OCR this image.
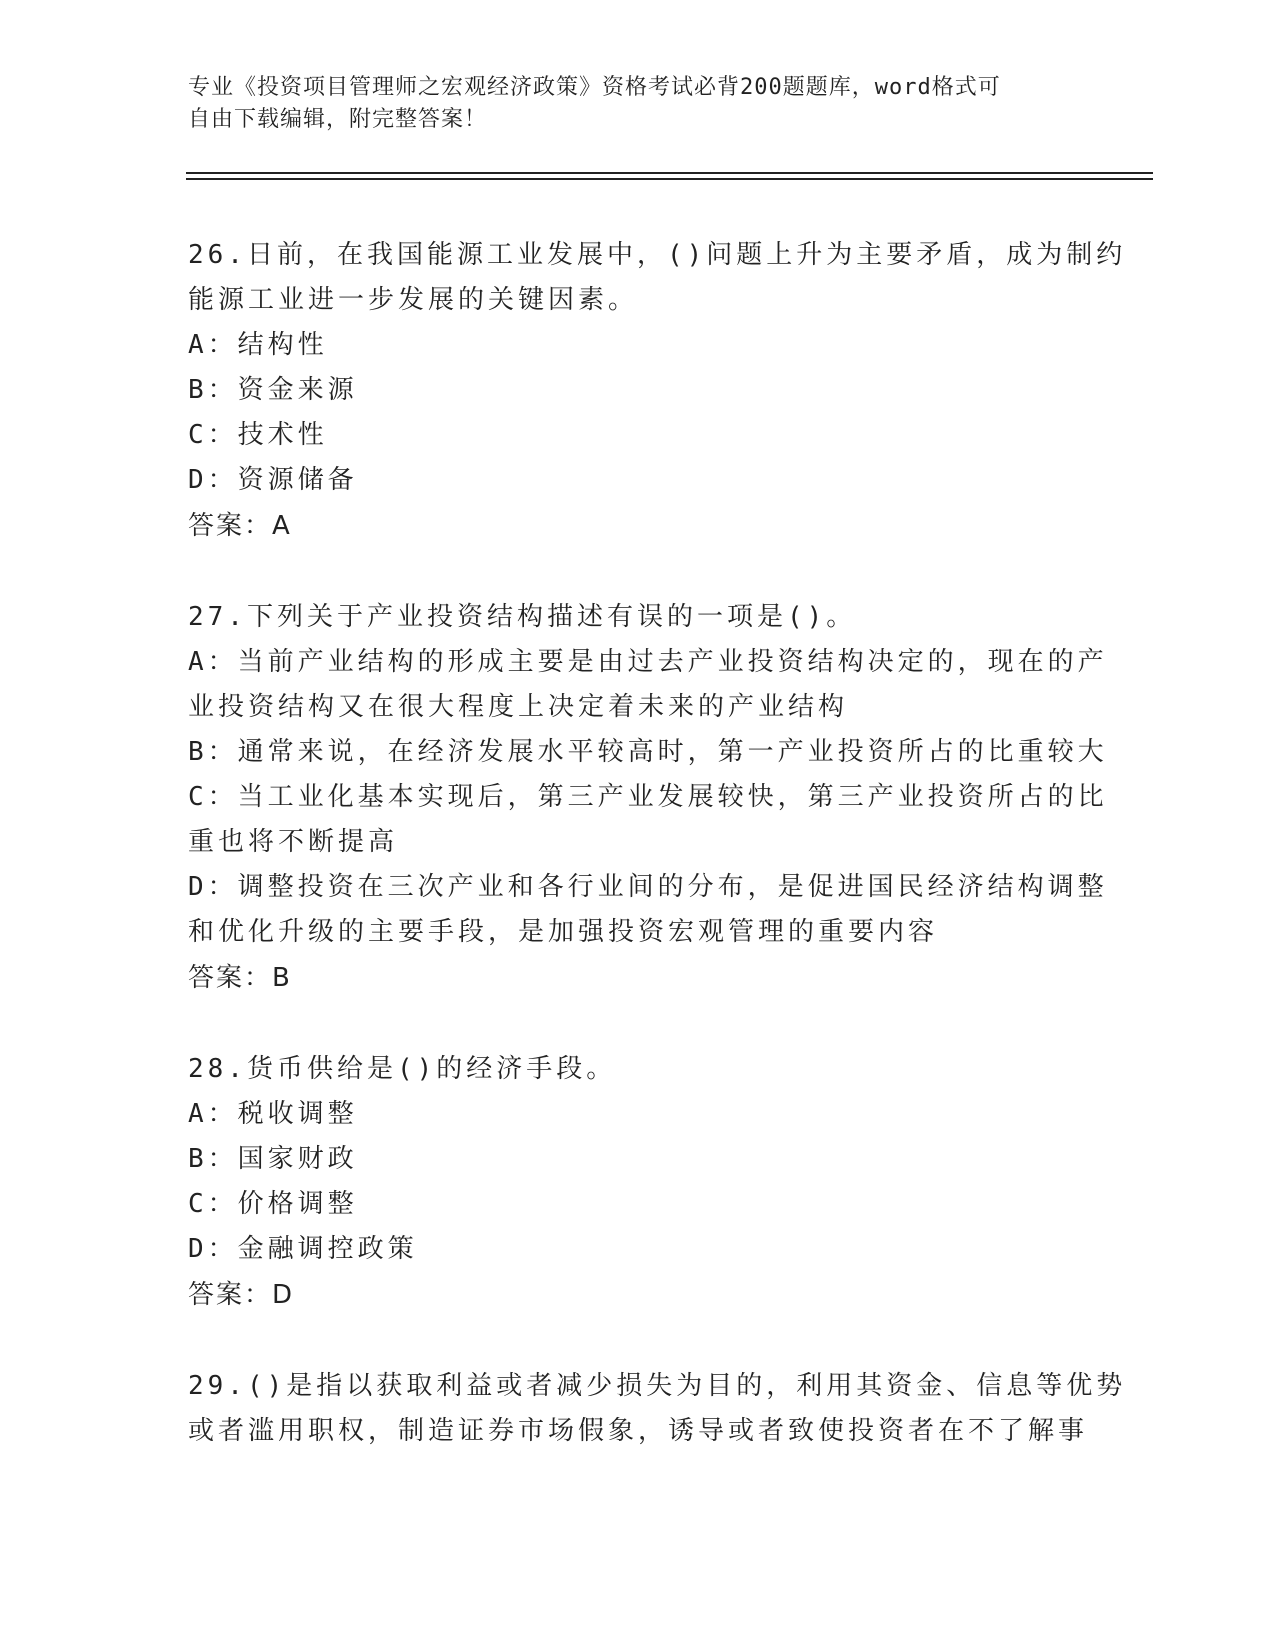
专业《投资项目管理师之宏观经济政策》资格考试必背200题题库，word格式可
自由下载编辑，附完整答案！
26.日前，在我国能源工业发展中，()问题上升为主要矛盾，成为制约
能源工业进一步发展的关键因素。
A：结构性
B：资金来源
C：技术性
D：资源储备
答案：A
27.下列关于产业投资结构描述有误的一项是()。
A：当前产业结构的形成主要是由过去产业投资结构决定的，现在的产
业投资结构又在很大程度上决定着未来的产业结构
B：通常来说，在经济发展水平较高时，第一产业投资所占的比重较大
C：当工业化基本实现后，第三产业发展较快，第三产业投资所占的比
重也将不断提高
D：调整投资在三次产业和各行业间的分布，是促进国民经济结构调整
和优化升级的主要手段，是加强投资宏观管理的重要内容
答案：B
28.货币供给是()的经济手段。
A：税收调整
B：国家财政
C：价格调整
D：金融调控政策
答案：D
29.()是指以获取利益或者减少损失为目的，利用其资金、信息等优势
或者滥用职权，制造证券市场假象，诱导或者致使投资者在不了解事
